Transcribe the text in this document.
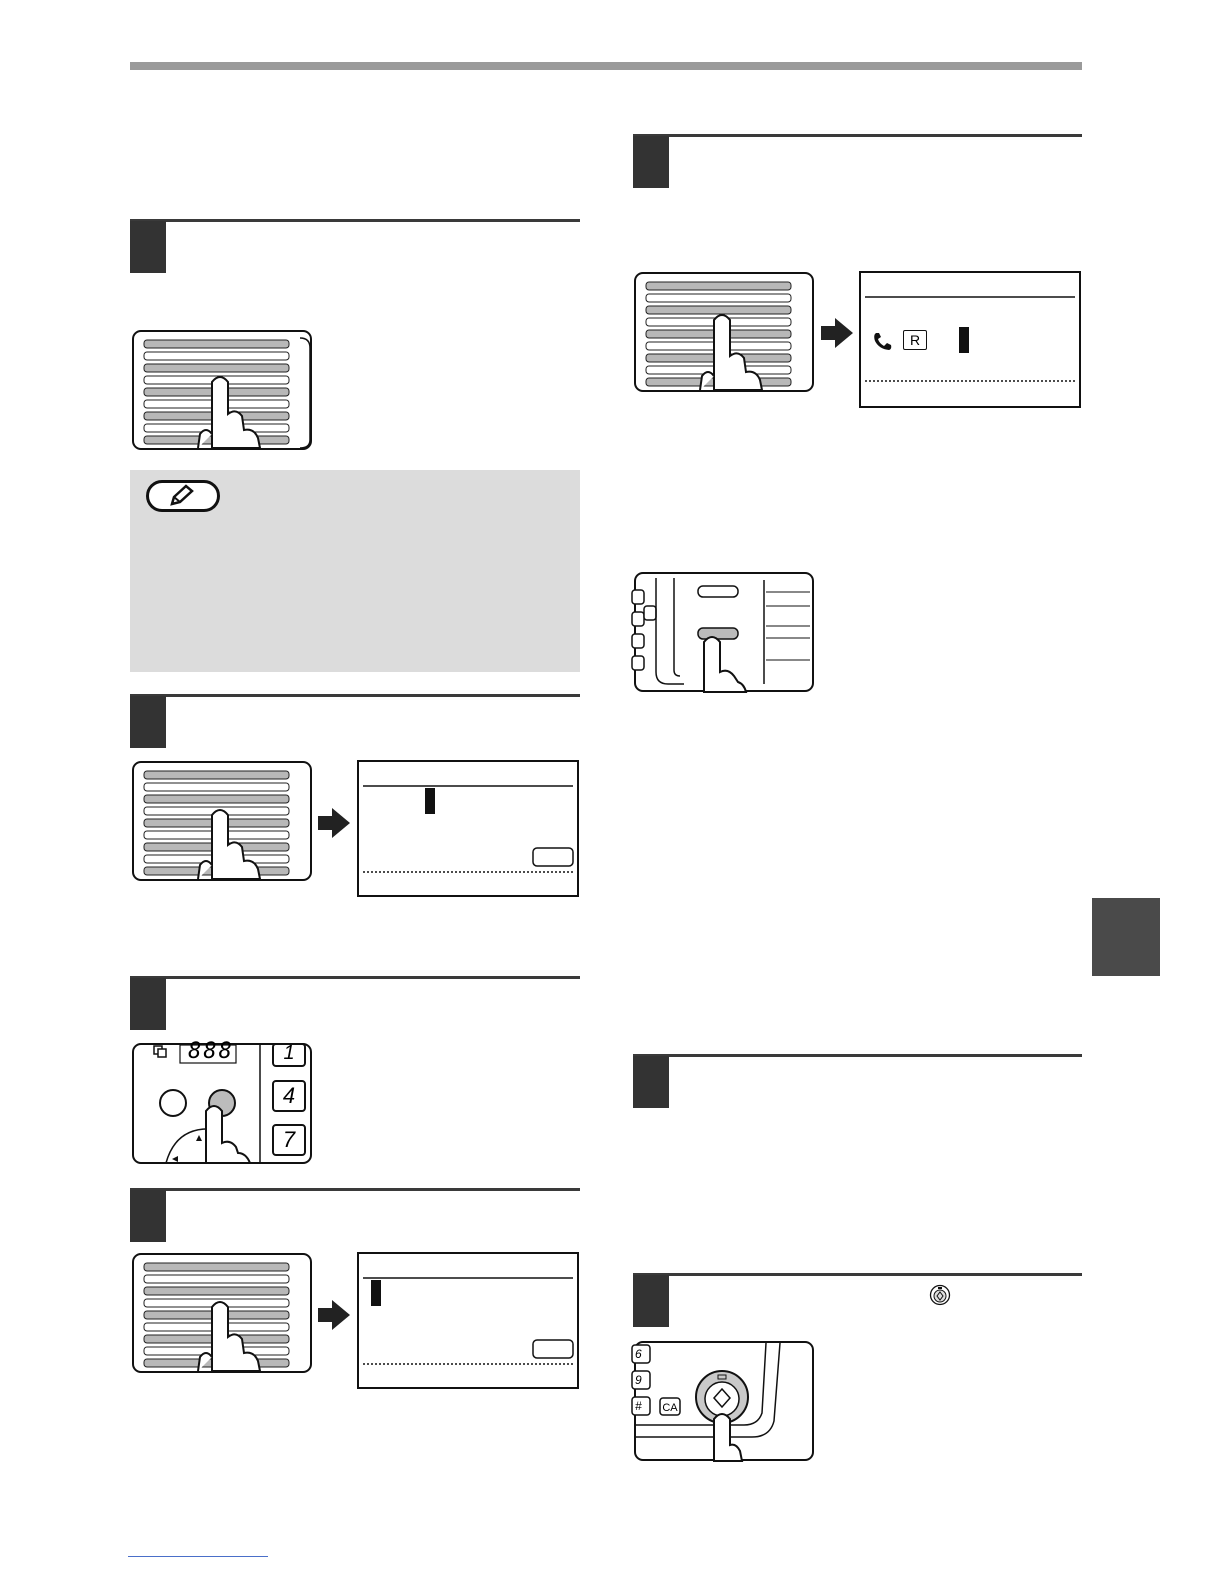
888	1
4
7
R
6
9
#	CA
